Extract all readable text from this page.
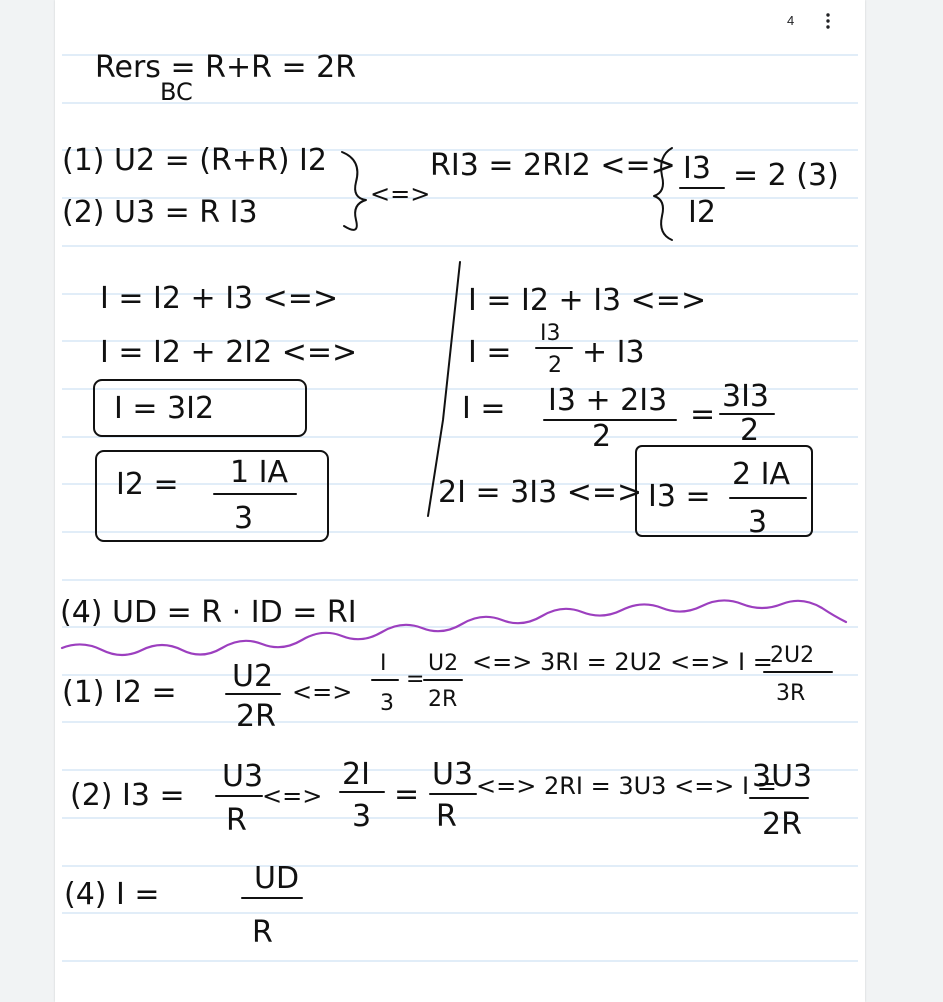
4
Rers = R+R = 2R
BC
(1) U2 = (R+R) I2
(2) U3 = R I3
<=>
RI3 = 2RI2 <=> I3
I2
= 2 (3)
I = I2 + I3 <=>
I = I2 + 2I2 <=>
I = 3I2
I2 = 1 IA
3
I = I2 + I3 <=>
I =
I3
2 + I3
I = I3 + 2I3
2
=
3I3
2
2I = 3I3 <=> I3 =
2 IA
3
(4) UD = R · ID = RI
(1) I2 = U2
2R
<=>
I
3
=
U2
2R
<=> 3RI = 2U2 <=> I =
2U2
3R
(2) I3 =
U3
R
<=>
2I
3
=
U3
R
<=> 2RI = 3U3 <=> I =
3U3
2R
(4) I =	UD
R
